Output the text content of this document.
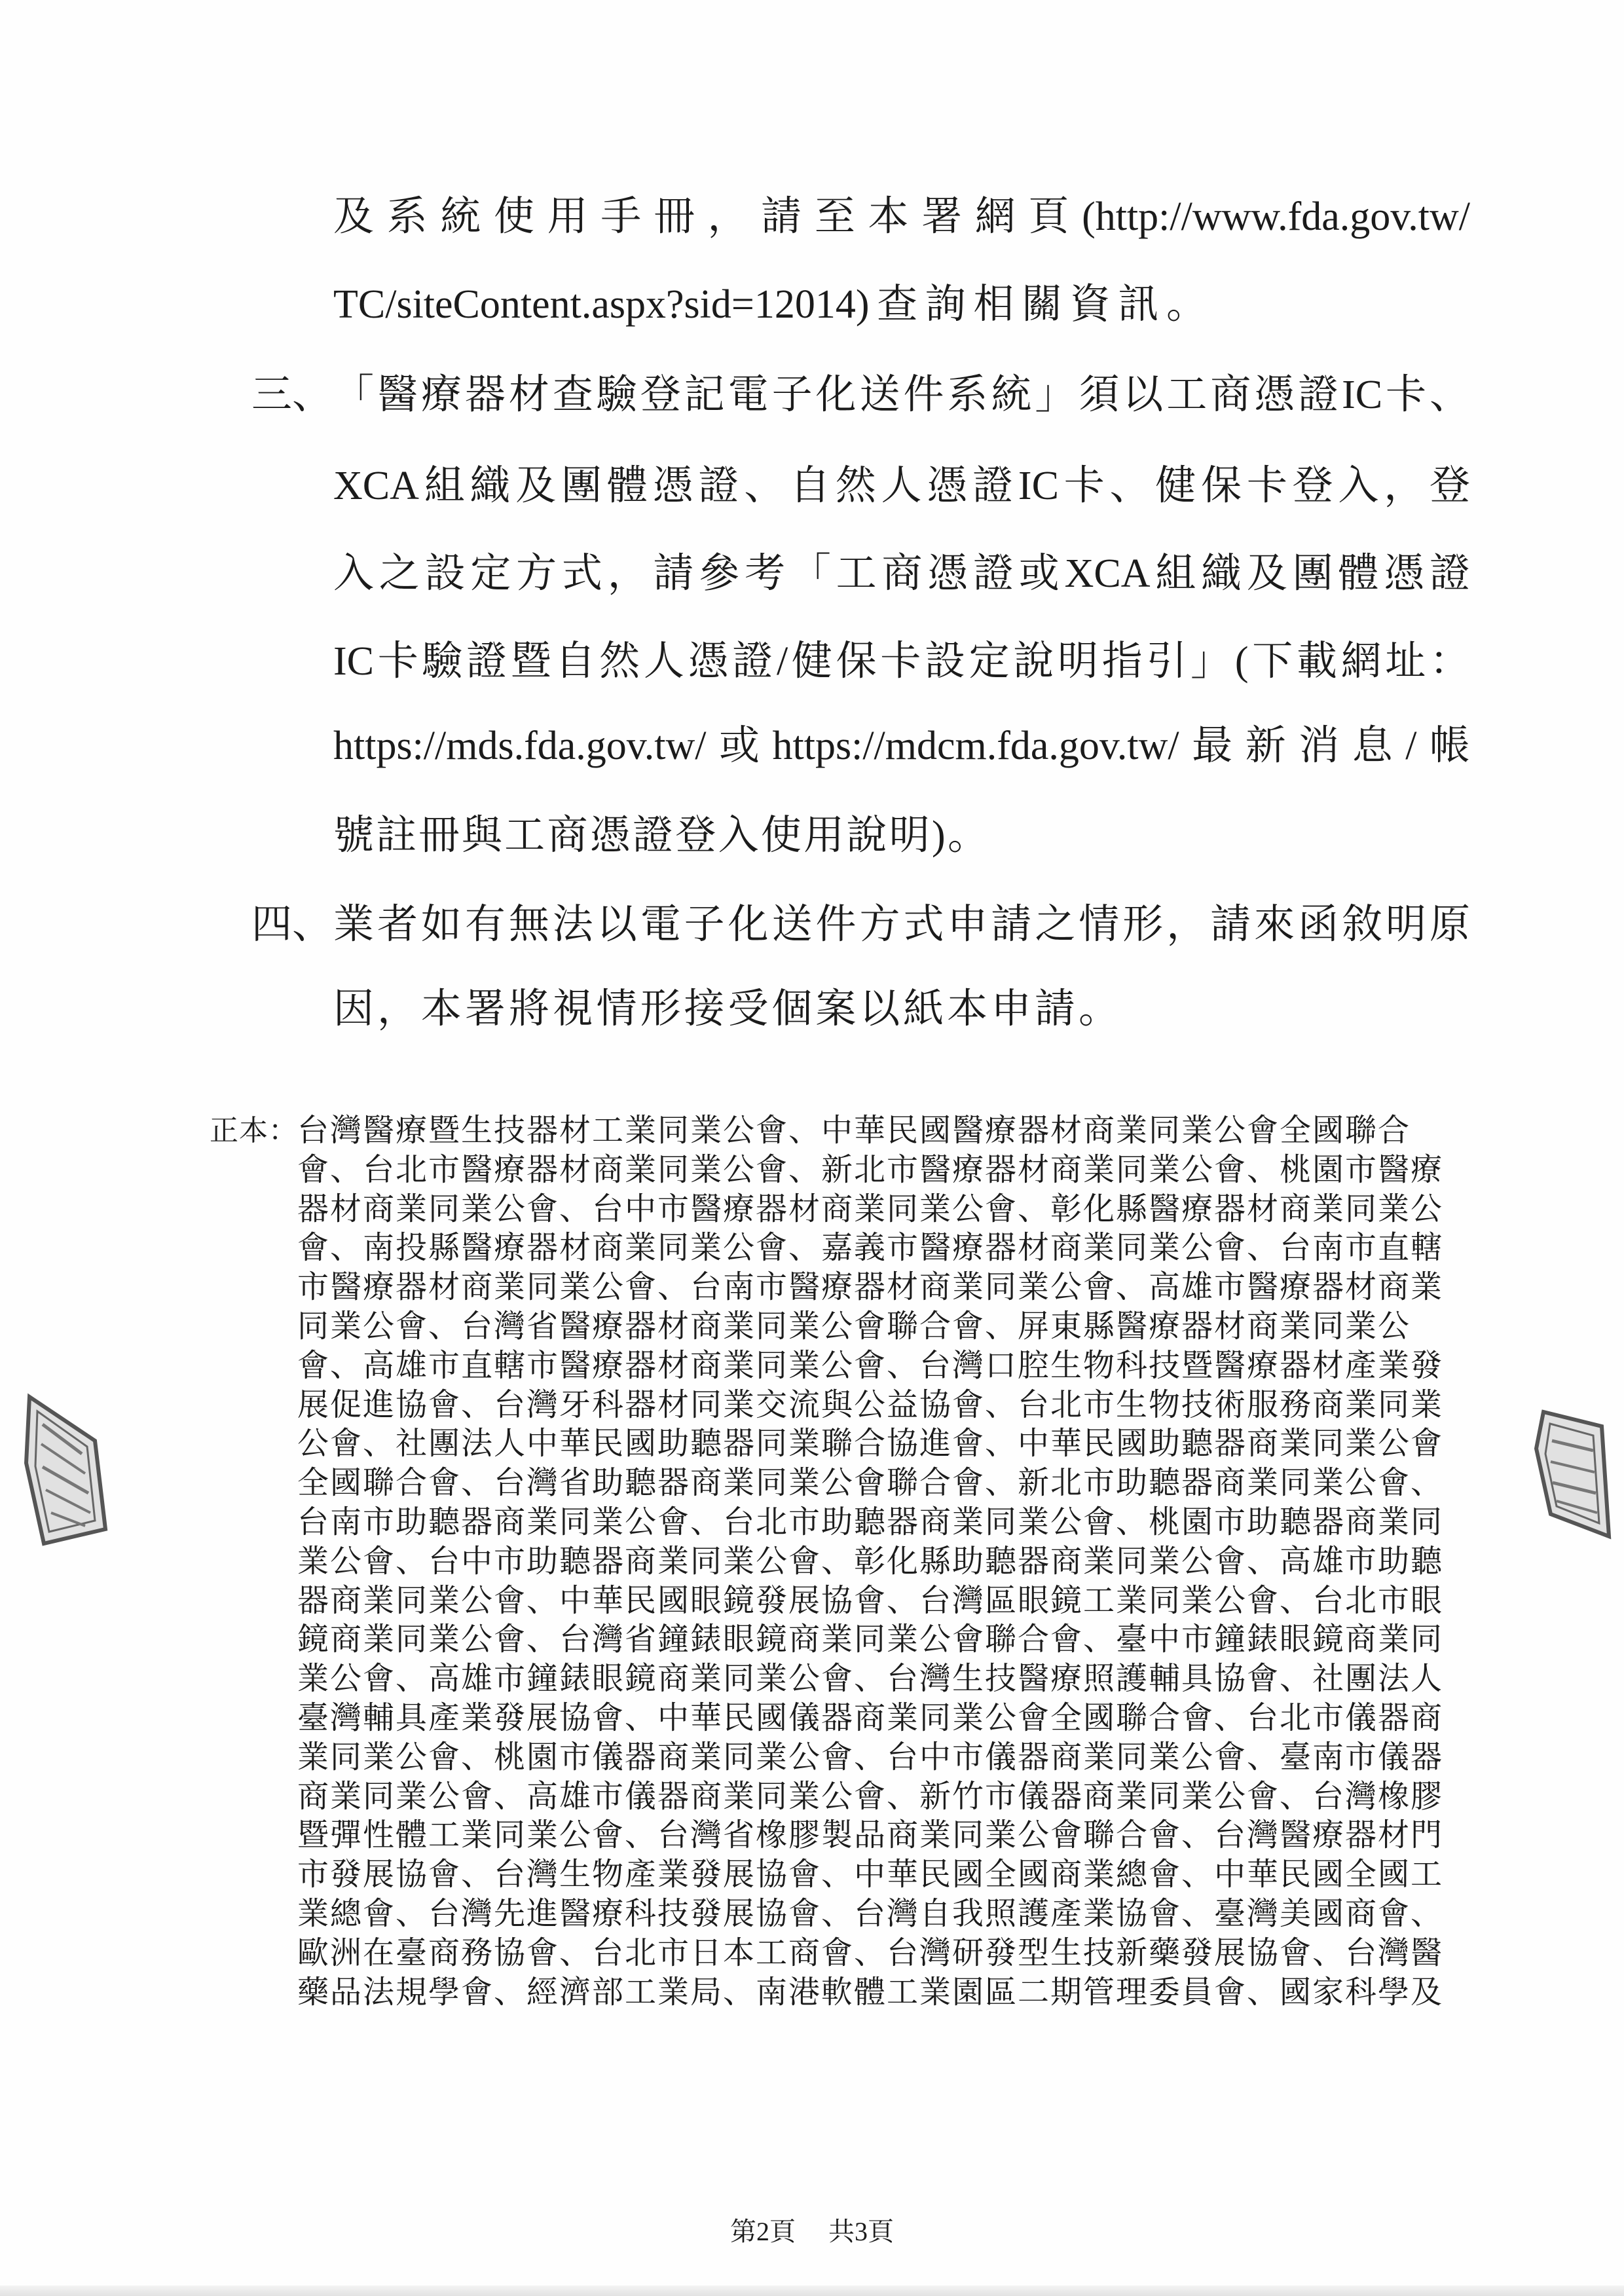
及系統使用手冊，請至本署網頁(http://www.fda.gov.tw/
TC/siteContent.aspx?sid=12014)查詢相關資訊。
三、 「醫療器材查驗登記電子化送件系統」須以工商憑證IC卡、
XCA組織及團體憑證、自然人憑證IC卡、健保卡登入，登
入之設定方式，請參考「工商憑證或XCA組織及團體憑證
IC卡驗證暨自然人憑證/健保卡設定說明指引」(下載網址：
https://mds.fda.gov.tw/或https://mdcm.fda.gov.tw/最新消息/帳
號註冊與工商憑證登入使用說明)。
四、 業者如有無法以電子化送件方式申請之情形，請來函敘明原
因，本署將視情形接受個案以紙本申請。
正本： 台灣醫療暨生技器材工業同業公會、中華民國醫療器材商業同業公會全國聯合
會、台北市醫療器材商業同業公會、新北市醫療器材商業同業公會、桃園市醫療
器材商業同業公會、台中市醫療器材商業同業公會、彰化縣醫療器材商業同業公
會、南投縣醫療器材商業同業公會、嘉義市醫療器材商業同業公會、台南市直轄
市醫療器材商業同業公會、台南市醫療器材商業同業公會、高雄市醫療器材商業
同業公會、台灣省醫療器材商業同業公會聯合會、屏東縣醫療器材商業同業公
會、高雄市直轄市醫療器材商業同業公會、台灣口腔生物科技暨醫療器材產業發
展促進協會、台灣牙科器材同業交流與公益協會、台北市生物技術服務商業同業
公會、社團法人中華民國助聽器同業聯合協進會、中華民國助聽器商業同業公會
全國聯合會、台灣省助聽器商業同業公會聯合會、新北市助聽器商業同業公會、
台南市助聽器商業同業公會、台北市助聽器商業同業公會、桃園市助聽器商業同
業公會、台中市助聽器商業同業公會、彰化縣助聽器商業同業公會、高雄市助聽
器商業同業公會、中華民國眼鏡發展協會、台灣區眼鏡工業同業公會、台北市眼
鏡商業同業公會、台灣省鐘錶眼鏡商業同業公會聯合會、臺中市鐘錶眼鏡商業同
業公會、高雄市鐘錶眼鏡商業同業公會、台灣生技醫療照護輔具協會、社團法人
臺灣輔具產業發展協會、中華民國儀器商業同業公會全國聯合會、台北市儀器商
業同業公會、桃園市儀器商業同業公會、台中市儀器商業同業公會、臺南市儀器
商業同業公會、高雄市儀器商業同業公會、新竹市儀器商業同業公會、台灣橡膠
暨彈性體工業同業公會、台灣省橡膠製品商業同業公會聯合會、台灣醫療器材門
市發展協會、台灣生物產業發展協會、中華民國全國商業總會、中華民國全國工
業總會、台灣先進醫療科技發展協會、台灣自我照護產業協會、臺灣美國商會、
歐洲在臺商務協會、台北市日本工商會、台灣研發型生技新藥發展協會、台灣醫
藥品法規學會、經濟部工業局、南港軟體工業園區二期管理委員會、國家科學及
第2頁 共3頁
